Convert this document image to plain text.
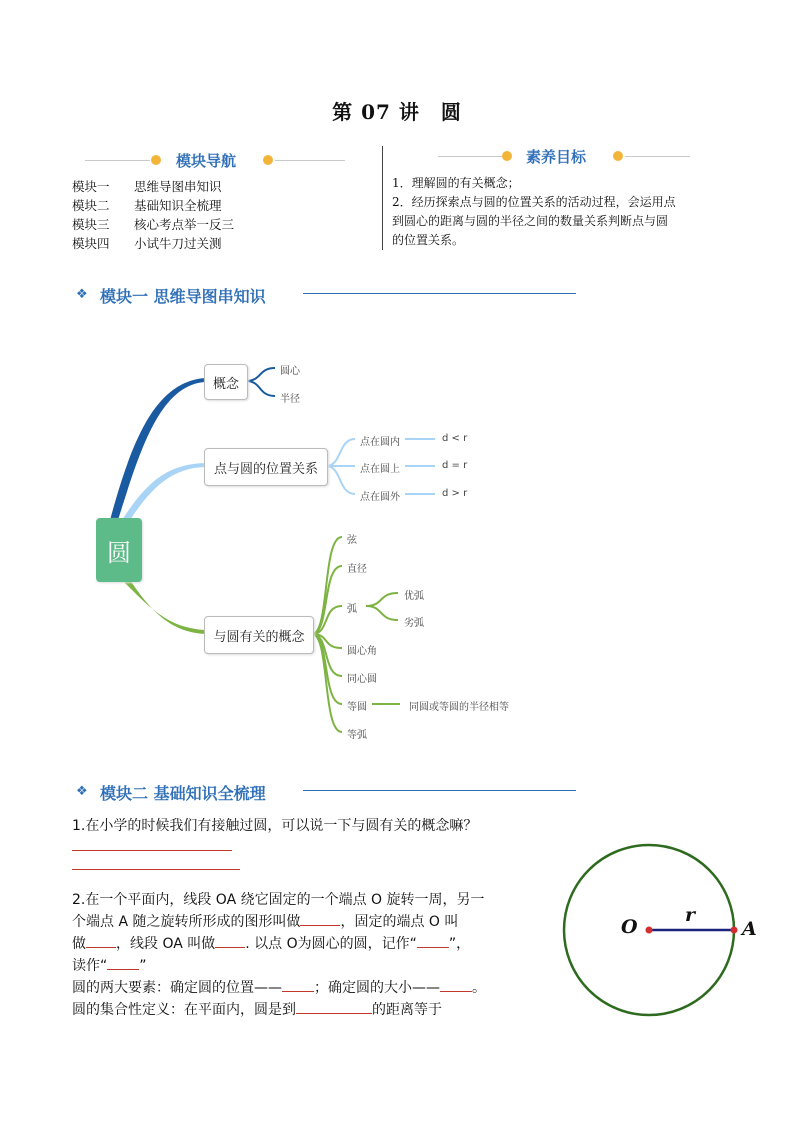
第 07 讲　圆
模块导航
模块一 思维导图串知识
模块二 基础知识全梳理
模块三 核心考点举一反三
模块四 小试牛刀过关测
素养目标
1．理解圆的有关概念；
2．经历探索点与圆的位置关系的活动过程，会运用点
到圆心的距离与圆的半径之间的数量关系判断点与圆
的位置关系。
❖ 模块一 思维导图串知识
圆
概念
圆心
半径
点与圆的位置关系
点在圆内
点在圆上
点在圆外
d < r
d = r
d > r
与圆有关的概念
弦
直径
弧
圆心角
同心圆
等圆
等弧
优弧
劣弧
同圆或等圆的半径相等
❖ 模块二 基础知识全梳理
1.在小学的时候我们有接触过圆，可以说一下与圆有关的概念嘛？
2.在一个平面内，线段 OA 绕它固定的一个端点 O 旋转一周，另一
个端点 A 随之旋转所形成的图形叫做	，固定的端点 O 叫
做 ，线段 OA 叫做 . 以点 O为圆心的圆，记作“ ”，
读作“ ”
圆的两大要素：确定圆的位置—— ；确定圆的大小—— 。
圆的集合性定义：在平面内，圆是到	的距离等于
O	A
r
